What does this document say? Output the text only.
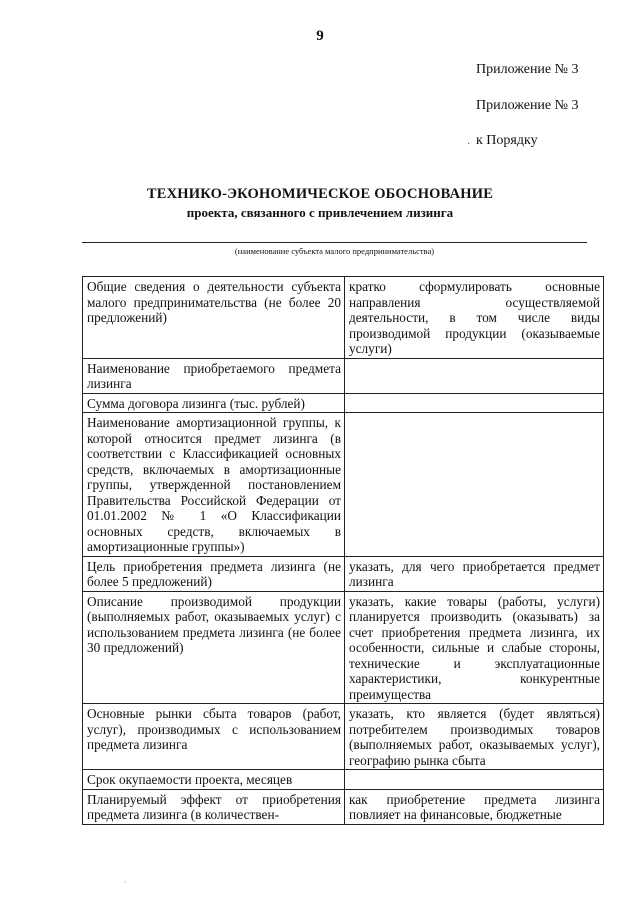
9
Приложение № 3
Приложение № 3
к Порядку
ТЕХНИКО-ЭКОНОМИЧЕСКОЕ ОБОСНОВАНИЕ
проекта, связанного с привлечением лизинга
(наименование субъекта малого предпринимательства)
Общие сведения о деятельности субъекта малого предпринимательства (не более 20 предложений)	кратко сформулировать основные направления осуществляемой деятельности, в том числе виды производимой продукции (оказываемые услуги)
Наименование приобретаемого предмета лизинга	
Сумма договора лизинга (тыс. рублей)	
Наименование амортизационной группы, к которой относится предмет лизинга (в соответствии с Классификацией основных средств, включаемых в амортизационные группы, утвержденной постановлением Правительства Российской Федерации от 01.01.2002 № 1 «О Классификации основных средств, включаемых в амортизационные группы»)	
Цель приобретения предмета лизинга (не более 5 предложений)	указать, для чего приобретается предмет лизинга
Описание производимой продукции (выполняемых работ, оказываемых услуг) с использованием предмета лизинга (не более 30 предложений)	указать, какие товары (работы, услуги) планируется производить (оказывать) за счет приобретения предмета лизинга, их особенности, сильные и слабые стороны, технические и эксплуатационные характеристики, конкурентные преимущества
Основные рынки сбыта товаров (работ, услуг), производимых с использованием предмета лизинга	указать, кто является (будет являться) потребителем производимых товаров (выполняемых работ, оказываемых услуг), географию рынка сбыта
Срок окупаемости проекта, месяцев	
Планируемый эффект от приобретения предмета лизинга (в количествен-	как приобретение предмета лизинга повлияет на финансовые, бюджетные
·
·
